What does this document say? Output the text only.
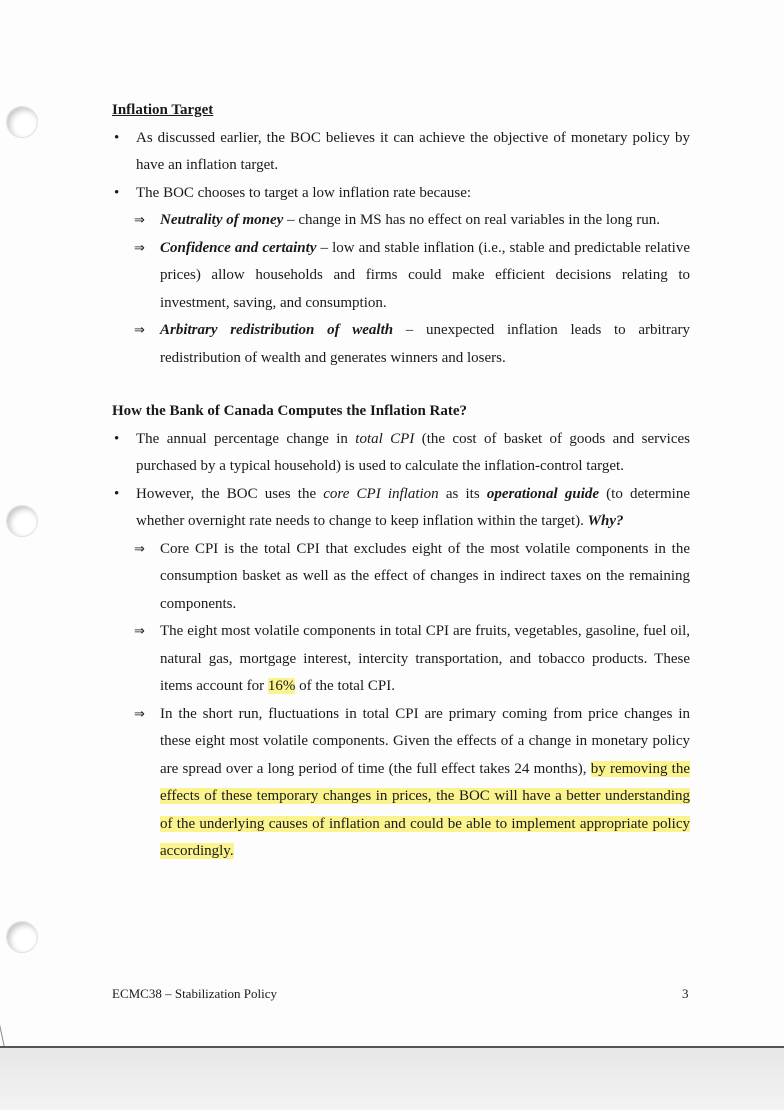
Inflation Target

• As discussed earlier, the BOC believes it can achieve the objective of monetary policy by have an inflation target.

• The BOC chooses to target a low inflation rate because:

⇒ Neutrality of money – change in MS has no effect on real variables in the long run.

⇒ Confidence and certainty – low and stable inflation (i.e., stable and predictable relative prices) allow households and firms could make efficient decisions relating to investment, saving, and consumption.

⇒ Arbitrary redistribution of wealth – unexpected inflation leads to arbitrary redistribution of wealth and generates winners and losers.

How the Bank of Canada Computes the Inflation Rate?

• The annual percentage change in total CPI (the cost of basket of goods and services purchased by a typical household) is used to calculate the inflation-control target.

• However, the BOC uses the core CPI inflation as its operational guide (to determine whether overnight rate needs to change to keep inflation within the target). Why?

⇒ Core CPI is the total CPI that excludes eight of the most volatile components in the consumption basket as well as the effect of changes in indirect taxes on the remaining components.

⇒ The eight most volatile components in total CPI are fruits, vegetables, gasoline, fuel oil, natural gas, mortgage interest, intercity transportation, and tobacco products. These items account for 16% of the total CPI.

⇒ In the short run, fluctuations in total CPI are primary coming from price changes in these eight most volatile components. Given the effects of a change in monetary policy are spread over a long period of time (the full effect takes 24 months), by removing the effects of these temporary changes in prices, the BOC will have a better understanding of the underlying causes of inflation and could be able to implement appropriate policy accordingly.

ECMC38 – Stabilization Policy	3
